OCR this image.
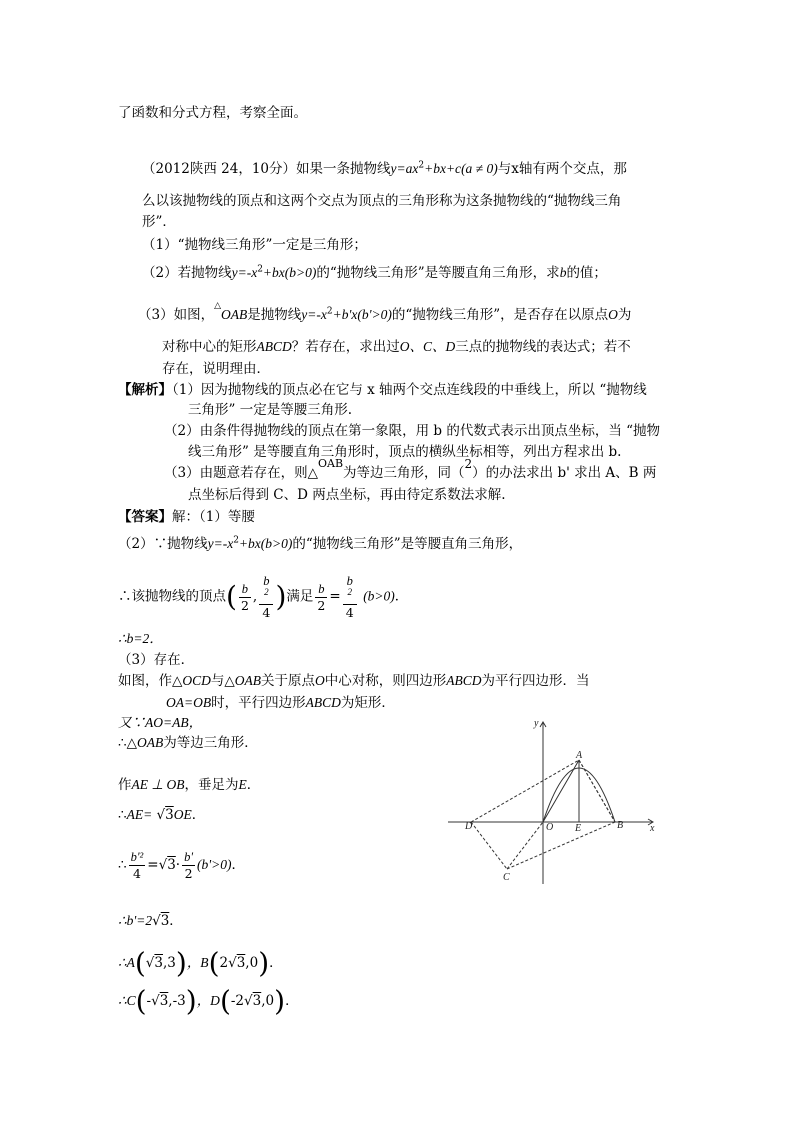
了函数和分式方程，考察全面。
（2012陕西 24，10分）如果一条抛物线$y=ax^2+bx+c(a \ne 0)$与x轴有两个交点，那
么以该抛物线的顶点和这两个交点为顶点的三角形称为这条抛物线的“抛物线三角
形”．
（1）“抛物线三角形”一定是三角形；
（2）若抛物线$y=-x^2+bx(b>0)$的“抛物线三角形”是等腰直角三角形，求b的值；
（3）如图，△OAB是抛物线$y=-x^2+b'x(b'>0)$的“抛物线三角形”，是否存在以原点O为
对称中心的矩形ABCD？若存在，求出过O、C、D三点的抛物线的表达式；若不
存在，说明理由．
【解析】（1）因为抛物线的顶点必在它与 x 轴两个交点连线段的中垂线上，所以 “抛物线
三角形” 一定是等腰三角形.
（2）由条件得抛物线的顶点在第一象限，用 b 的代数式表示出顶点坐标，当 “抛物
线三角形” 是等腰直角三角形时，顶点的横纵坐标相等，列出方程求出 b.
（3）由题意若存在，则△$^{OAB}$为等边三角形，同（$^2$）的办法求出 b' 求出 A、B 两
点坐标后得到 C、D 两点坐标，再由待定系数法求解.
【答案】解：（1）等腰
（2）∵抛物线$y=-x^2+bx(b>0)$的“抛物线三角形”是等腰直角三角形，
∴该抛物线的顶点( $\frac{b}{2}$ , b
$^2$
4 )满足 $\frac{b}{2} = b$
$^2$
4 (b>0)．
∴b=2．
（3）存在．
如图，作△OCD与△OAB关于原点O中心对称，则四边形ABCD为平行四边形．当
OA=OB时，平行四边形ABCD为矩形．
又∵AO=AB，
∴△OAB为等边三角形．
作AE ⊥ OB，垂足为E．
∴AE= √3OE．
∴ $\frac{\text{b'²}}{4} =√3\cdot \frac{b'}{2} (b'>0)$．
∴b'=2√3．
∴A(√3,3)，B(2√3,0)．
∴C(-√3,-3)，D(-2√3,0)．
y
x
A
D	O E	B
C
